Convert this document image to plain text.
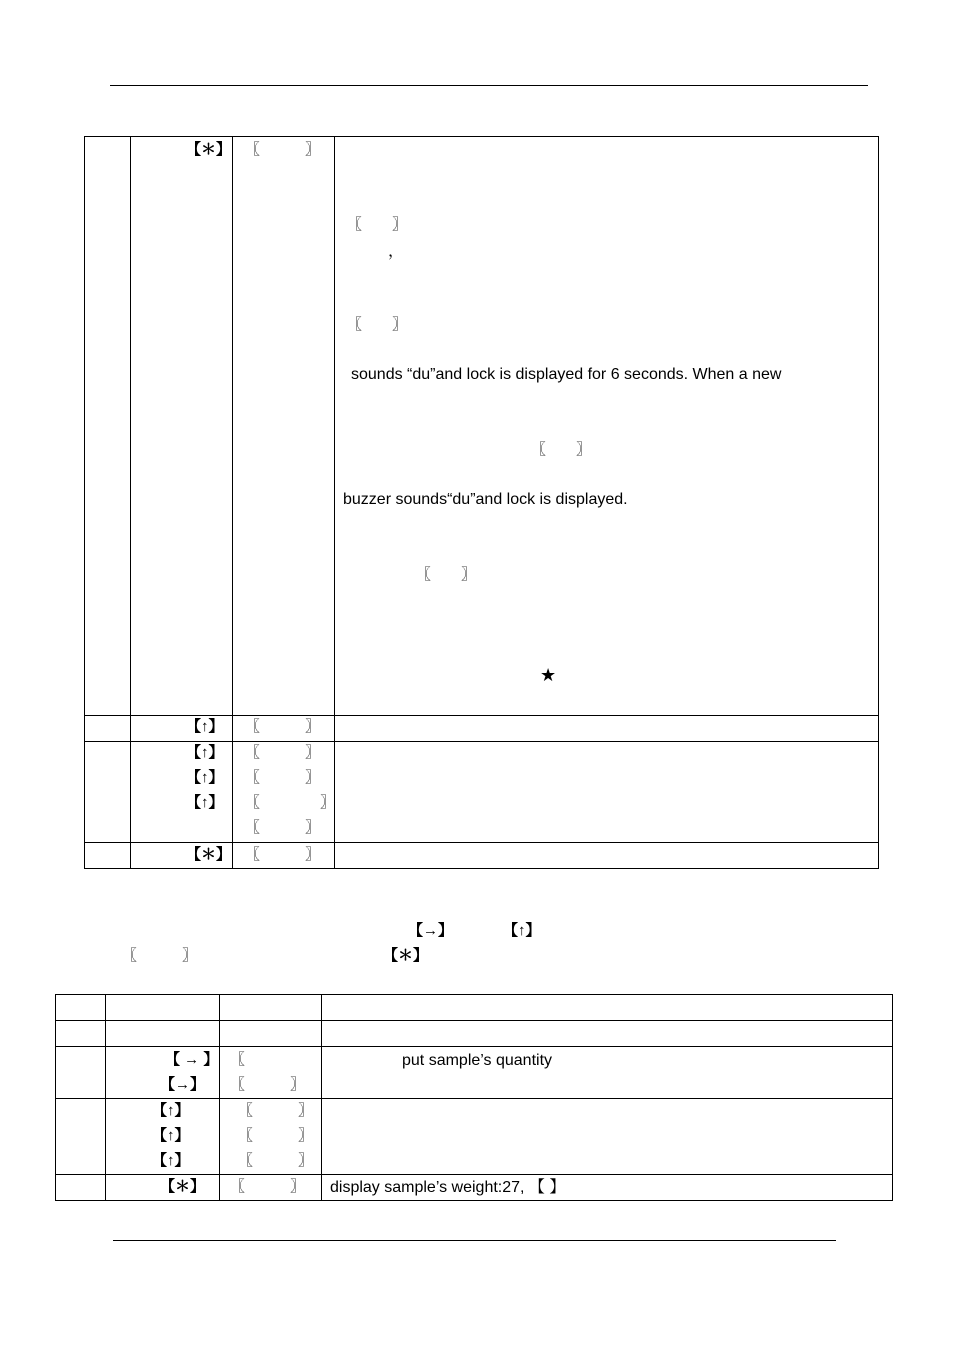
【＊】 〖　　　〗
〖　　〗
，
〖　　〗
sounds “du”and lock is displayed for 6 seconds. When a new
〖　　〗
buzzer sounds“du”and lock is displayed.
〖　　〗
★
【↑】 〖　　　〗
【↑】
【↑】
【↑】
〖　　　〗
〖　　　〗
〖　　　　〗
〖　　　〗
【＊】 〖　　　〗
【→】	【↑】
〖　　　〗	【＊】
【 → 】
【→】
〖　　　　　
〖　　　〗
put sample’s quantity
【↑】
【↑】
【↑】
〖　　　〗
〖　　　〗
〖　　　〗
【＊】 〖　　　〗 display sample’s weight:27, 【 】
